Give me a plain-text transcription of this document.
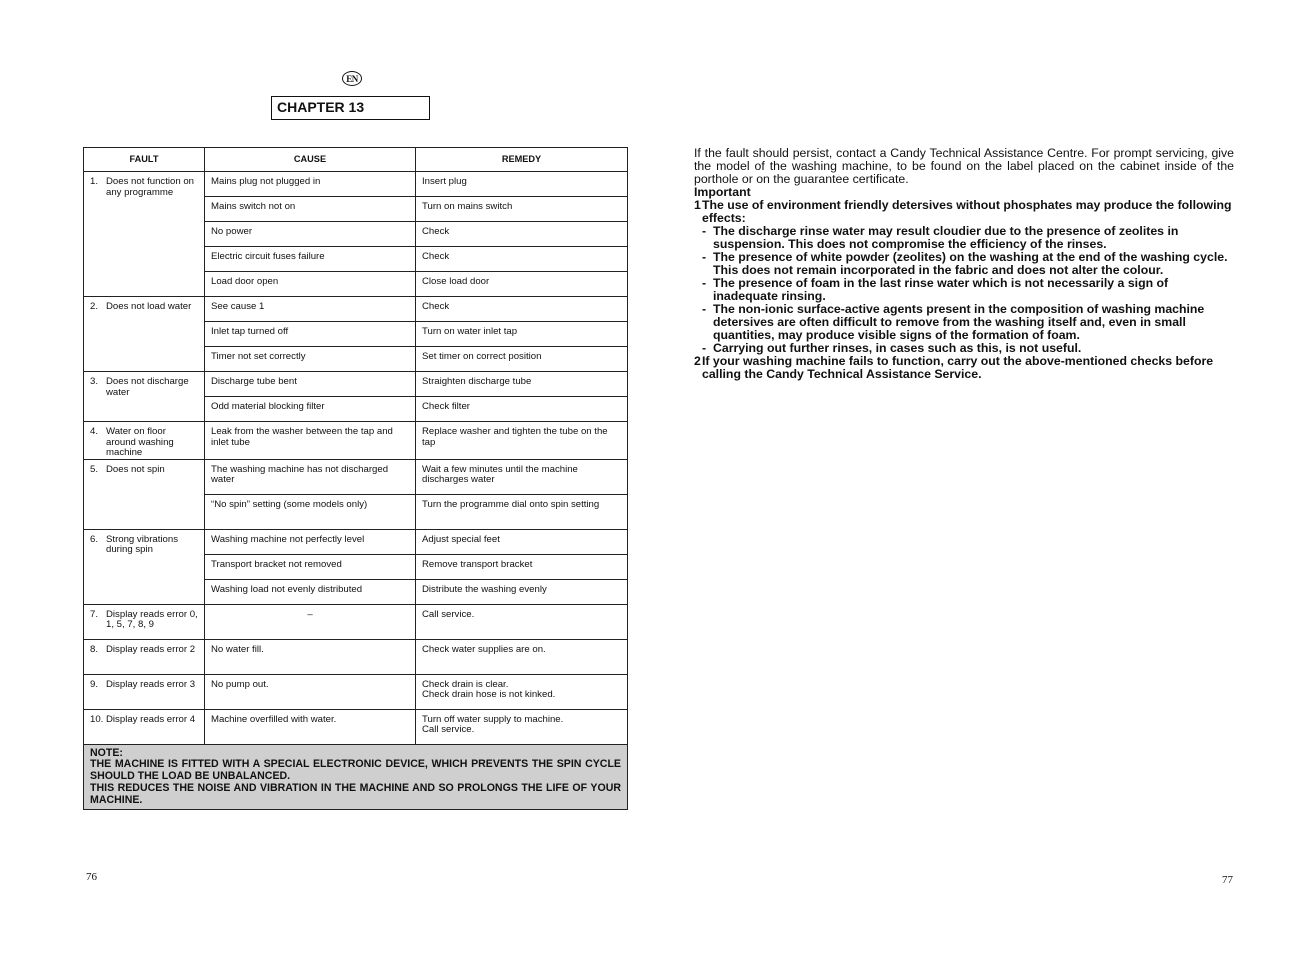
EN
CHAPTER 13
FAULT	CAUSE	REMEDY

1. Does not function on any programme	Mains plug not plugged in	Insert plug
	Mains switch not on	Turn on mains switch
	No power	Check
	Electric circuit fuses failure	Check
	Load door open	Close load door

2. Does not load water	See cause 1	Check
	Inlet tap turned off	Turn on water inlet tap
	Timer not set correctly	Set timer on correct position

3. Does not discharge water	Discharge tube bent	Straighten discharge tube
	Odd material blocking filter	Check filter

4. Water on floor around washing machine	Leak from the washer between the tap and inlet tube	Replace washer and tighten the tube on the tap

5. Does not spin	The washing machine has not discharged water	Wait a few minutes until the machine discharges water
	“No spin” setting (some models only)	Turn the programme dial onto spin setting

6. Strong vibrations during spin	Washing machine not perfectly level	Adjust special feet
	Transport bracket not removed	Remove transport bracket
	Washing load not evenly distributed	Distribute the washing evenly

7. Display reads error 0, 1, 5, 7, 8, 9	–	Call service.

8. Display reads error 2	No water fill.	Check water supplies are on.

9. Display reads error 3	No pump out.	Check drain is clear.
Check drain hose is not kinked.

10. Display reads error 4	Machine overfilled with water.	Turn off water supply to machine.
Call service.

NOTE:
THE MACHINE IS FITTED WITH A SPECIAL ELECTRONIC DEVICE, WHICH PREVENTS THE SPIN CYCLE SHOULD THE LOAD BE UNBALANCED.
THIS REDUCES THE NOISE AND VIBRATION IN THE MACHINE AND SO PROLONGS THE LIFE OF YOUR MACHINE.		

If the fault should persist, contact a Candy Technical Assistance Centre. For prompt servicing, give the model of the washing machine, to be found on the label placed on the cabinet inside of the porthole or on the guarantee certificate.

Important

1 The use of environment friendly detersives without phosphates may produce the following effects:
- The discharge rinse water may result cloudier due to the presence of zeolites in suspension. This does not compromise the efficiency of the rinses.
- The presence of white powder (zeolites) on the washing at the end of the washing cycle. This does not remain incorporated in the fabric and does not alter the colour.
- The presence of foam in the last rinse water which is not necessarily a sign of inadequate rinsing.
- The non-ionic surface-active agents present in the composition of washing machine detersives are often difficult to remove from the washing itself and, even in small quantities, may produce visible signs of the formation of foam.
- Carrying out further rinses, in cases such as this, is not useful.
2 If your washing machine fails to function, carry out the above-mentioned checks before calling the Candy Technical Assistance Service.
76	77
